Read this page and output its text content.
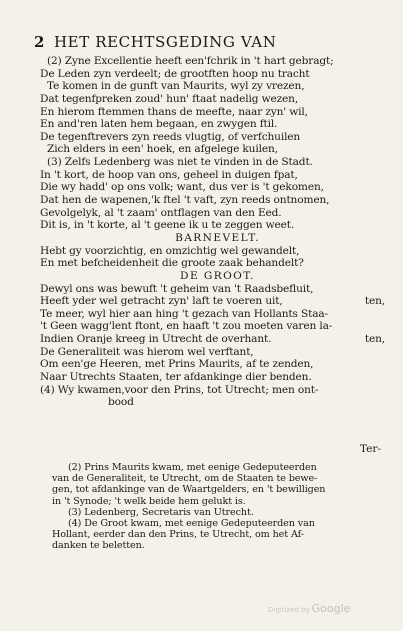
2 HET RECHTSGEDING VAN
(2) Zyne Excellentie heeft een'fchrik in 't hart gebragt;
De Leden zyn verdeelt; de grootften hoop nu tracht
Te komen in de gunft van Maurits, wyl zy vrezen,
Dat tegenfpreken zoud' hun' ftaat nadelig wezen,
En hierom ftemmen thans de meefte, naar zyn' wil,
En and'ren laten hem begaan, en zwygen ftil.
De tegenftrevers zyn reeds vlugtig, of verfchuilen
Zich elders in een' hoek, en afgelege kuilen,
(3) Zelfs Ledenberg was niet te vinden in de Stadt.
In 't kort, de hoop van ons, geheel in duigen fpat,
Die wy hadd' op ons volk; want, dus ver is 't gekomen,
Dat hen de wapenen,'k ftel 't vaft, zyn reeds ontnomen,
Gevolgelyk, al 't zaam' ontflagen van den Eed.
Dit is, in 't korte, al 't geene ik u te zeggen weet.
BARNEVELT.
Hebt gy voorzichtig, en omzichtig wel gewandelt,
En met befcheidenheit die groote zaak behandelt?
DE GROOT.
Dewyl ons was bewuft 't geheim van 't Raadsbefluit,
Heeft yder wel getracht zyn' laft te voeren uit,	ten,
Te meer, wyl hier aan hing 't gezach van Hollants Staa-
't Geen wagg'lent ftont, en haaft 't zou moeten varen la-
Indien Oranje kreeg in Utrecht de overhant.	ten,
De Generaliteit was hierom wel verftant,
Om een'ge Heeren, met Prins Maurits, af te zenden,
Naar Utrechts Staaten, ter afdankinge dier benden.
(4) Wy kwamen,voor den Prins, tot Utrecht; men ont-
bood
Ter-
(2) Prins Maurits kwam, met eenige Gedeputeerden
van de Generaliteit, te Utrecht, om de Staaten te bewe-
gen, tot afdankinge van de Waartgelders, en 't bewilligen
in 't Synode; 't welk beide hem gelukt is.
(3) Ledenberg, Secretaris van Utrecht.
(4) De Groot kwam, met eenige Gedeputeerden van
Hollant, eerder dan den Prins, te Utrecht, om het Af-
danken te beletten.
Digitized by Google
